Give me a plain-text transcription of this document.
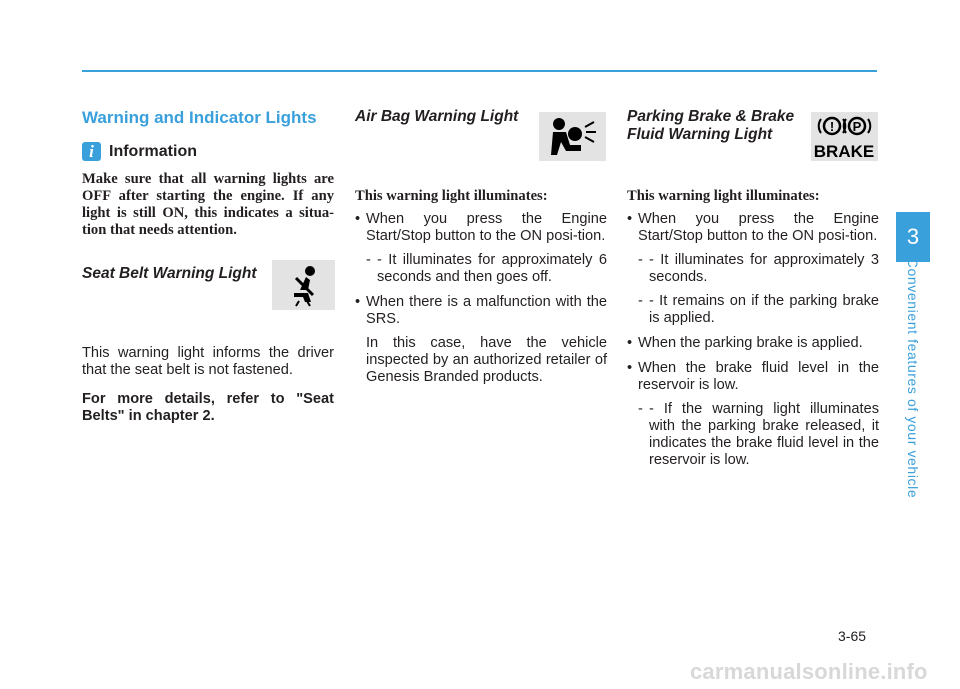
Warning and Indicator Lights
i Information

Make sure that all warning lights are OFF after starting the engine. If any light is still ON, this indicates a situa-tion that needs attention.

Seat Belt Warning Light

This warning light informs the driver that the seat belt is not fastened.

For more details, refer to "Seat Belts" in chapter 2.

Air Bag Warning Light

This warning light illuminates:

• When you press the Engine Start/Stop button to the ON posi-tion.
- - It illuminates for approximately 6 seconds and then goes off.
• When there is a malfunction with the SRS.
In this case, have the vehicle inspected by an authorized retailer of Genesis Branded products.

Parking Brake & Brake Fluid Warning Light	! P
BRAKE

This warning light illuminates:

• When you press the Engine Start/Stop button to the ON posi-tion.
- - It illuminates for approximately 3 seconds.
- - It remains on if the parking brake is applied.
• When the parking brake is applied.
• When the brake fluid level in the reservoir is low.
- - If the warning light illuminates with the parking brake released, it indicates the brake fluid level in the reservoir is low.
3
Convenient features of your vehicle
3-65
carmanualsonline.info
